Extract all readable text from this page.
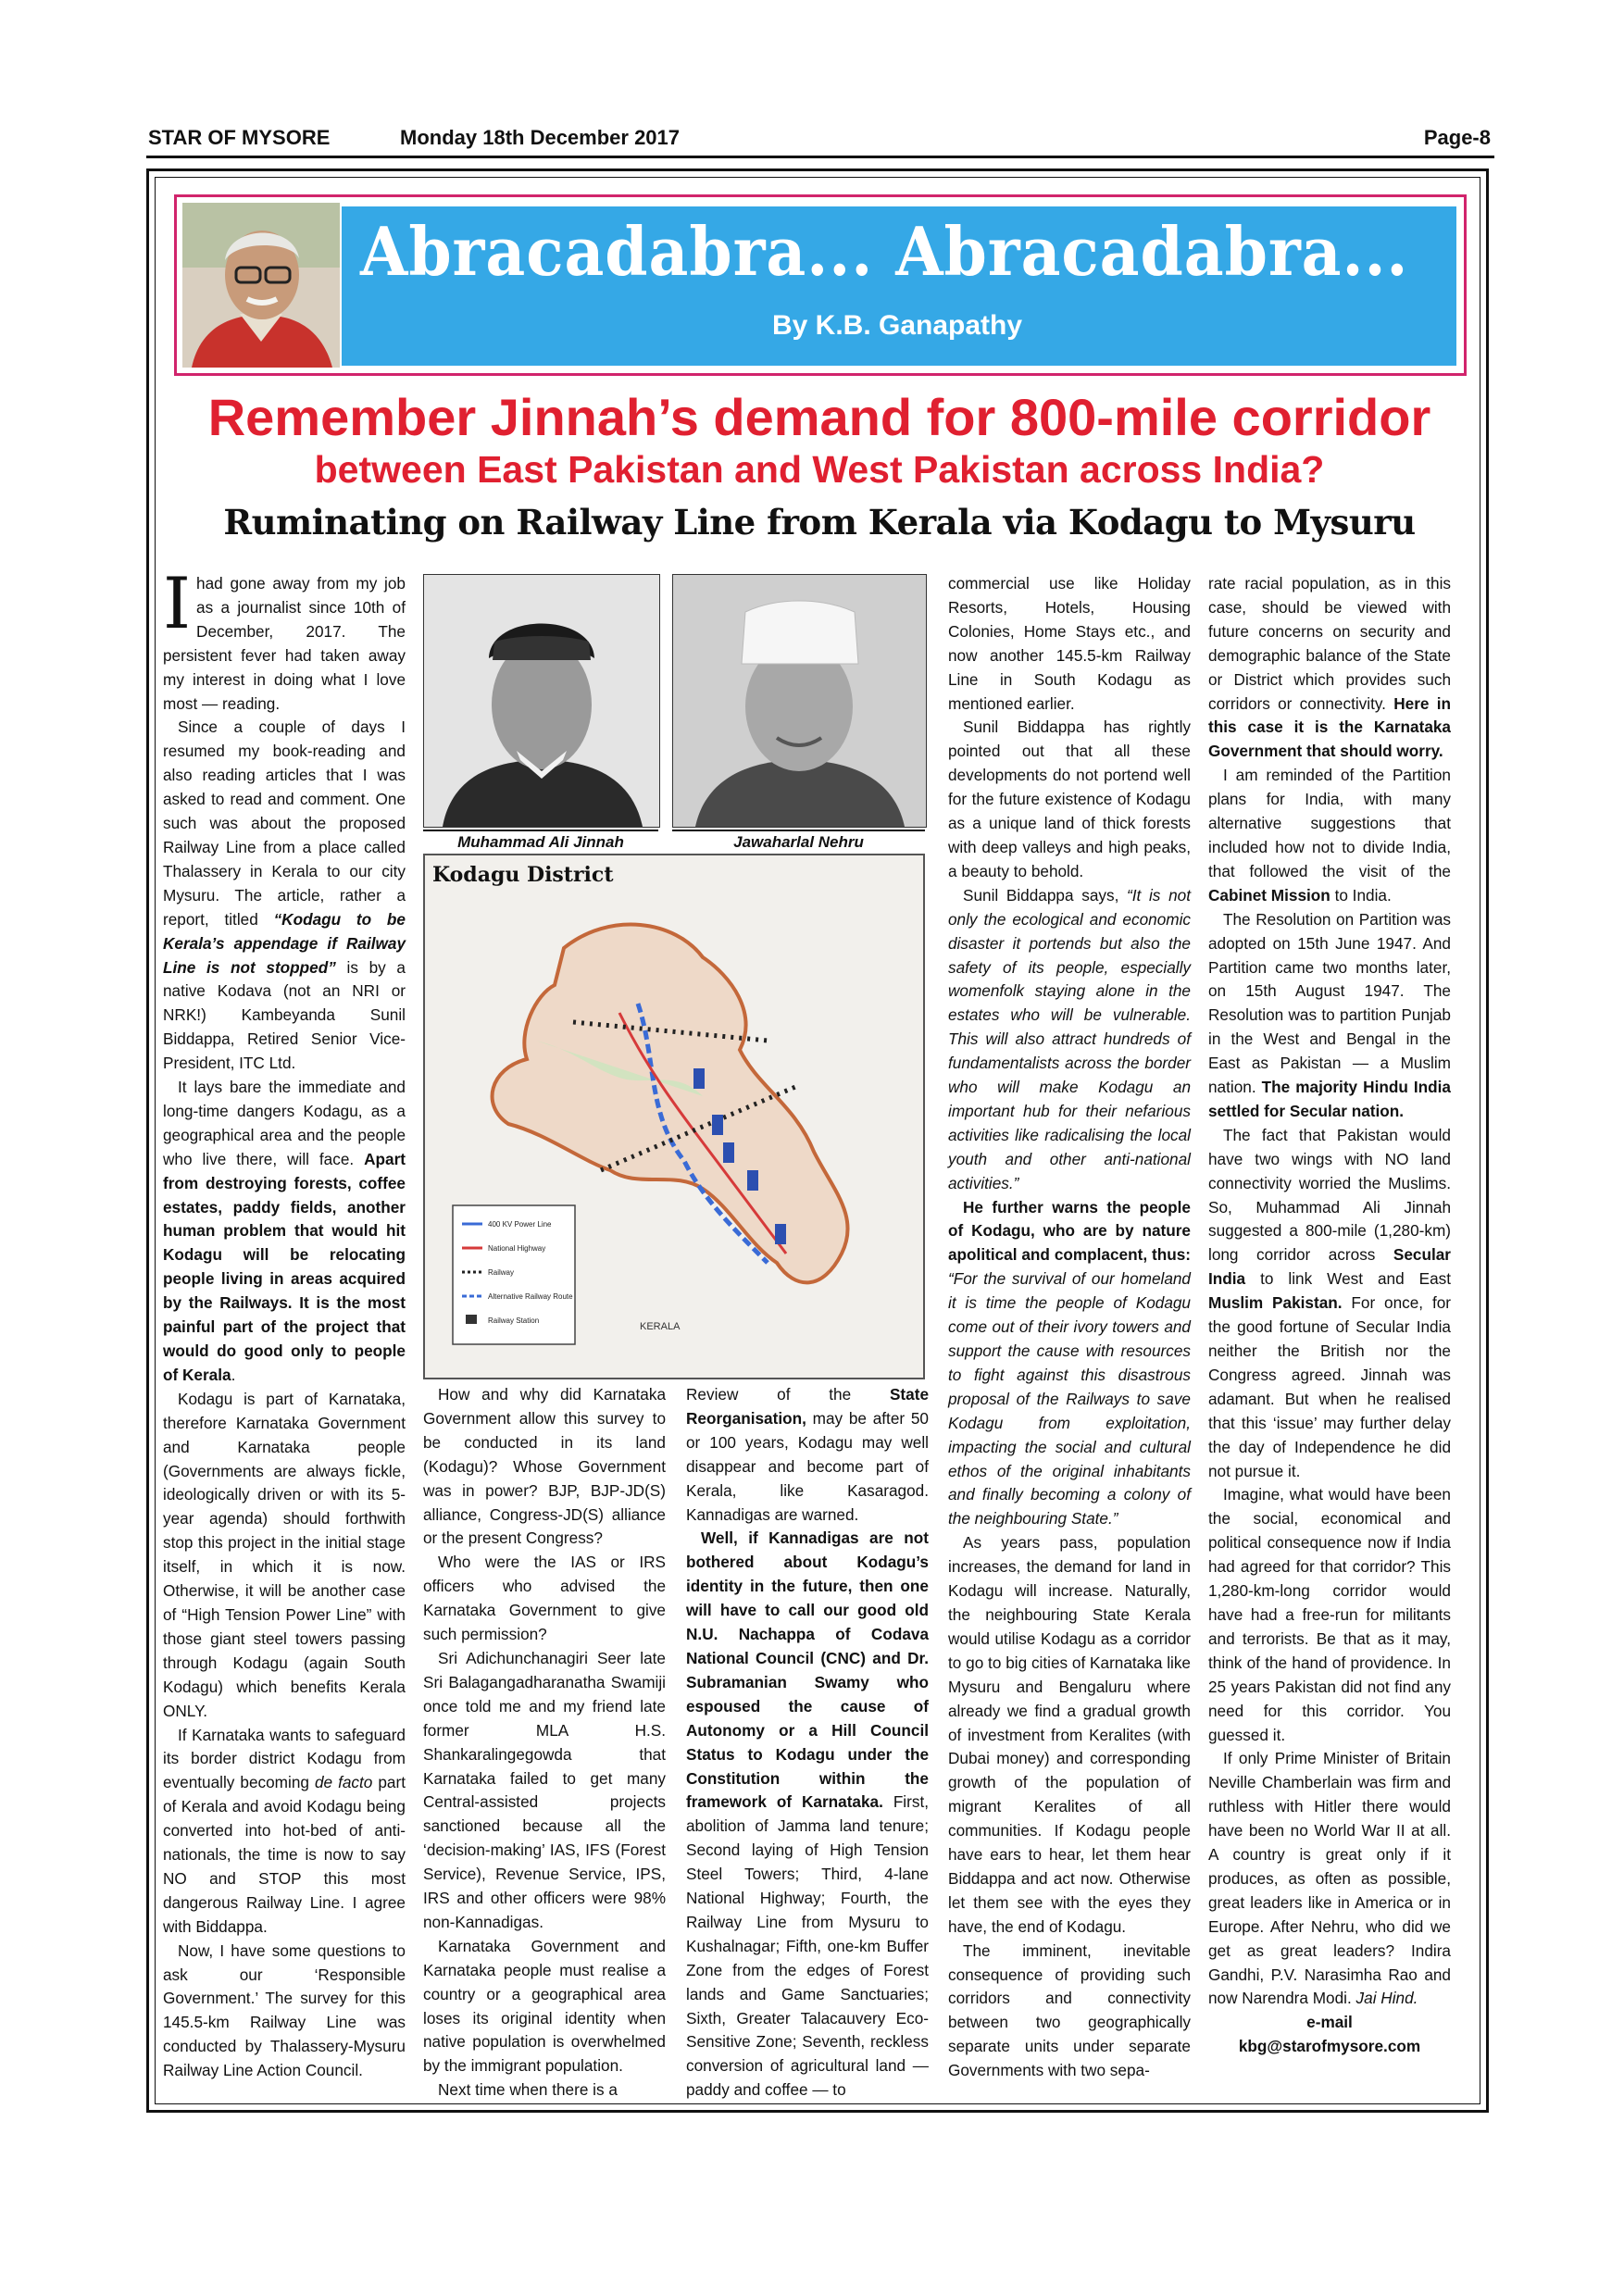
STAR OF MYSORE	Monday 18th December 2017	Page-8
Abracadabra... Abracadabra...
By K.B. Ganapathy
Remember Jinnah’s demand for 800-mile corridor
between East Pakistan and West Pakistan across India?
Ruminating on Railway Line from Kerala via Kodagu to Mysuru

Ihad gone away from my job as a journalist since 10th of December, 2017. The persistent fever had taken away my interest in doing what I love most — reading.

Since a couple of days I resumed my book-reading and also reading articles that I was asked to read and comment. One such was about the proposed Railway Line from a place called Thalassery in Kerala to our city Mysuru. The article, rather a report, titled “Kodagu to be Kerala’s appendage if Railway Line is not stopped” is by a native Kodava (not an NRI or NRK!) Kambeyanda Sunil Biddappa, Retired Senior Vice-President, ITC Ltd.

It lays bare the immediate and long-time dangers Kodagu, as a geographical area and the people who live there, will face. Apart from destroying forests, coffee estates, paddy fields, another human problem that would hit Kodagu will be relocating people living in areas acquired by the Railways. It is the most painful part of the project that would do good only to people of Kerala.

Kodagu is part of Karnataka, therefore Karnataka Government and Karnataka people (Governments are always fickle, ideologically driven or with its 5-year agenda) should forthwith stop this project in the initial stage itself, in which it is now. Otherwise, it will be another case of “High Tension Power Line” with those giant steel towers passing through Kodagu (again South Kodagu) which benefits Kerala ONLY.

If Karnataka wants to safeguard its border district Kodagu from eventually becoming de facto part of Kerala and avoid Kodagu being converted into hot-bed of anti-nationals, the time is now to say NO and STOP this most dangerous Railway Line. I agree with Biddappa.

Now, I have some questions to ask our ‘Responsible Government.’ The survey for this 145.5-km Railway Line was conducted by Thalassery-Mysuru Railway Line Action Council.

Muhammad Ali Jinnah	Jawaharlal Nehru
Kodagu District
400 KV Power Line
National Highway
Railway
Alternative Railway Route
Railway Station
KERALA

How and why did Karnataka Government allow this survey to be conducted in its land (Kodagu)? Whose Government was in power? BJP, BJP-JD(S) alliance, Congress-JD(S) alliance or the present Congress?

Who were the IAS or IRS officers who advised the Karnataka Government to give such permission?

Sri Adichunchanagiri Seer late Sri Balagangadharanatha Swamiji once told me and my friend late former MLA H.S. Shankaralingegowda that Karnataka failed to get many Central-assisted projects sanctioned because all the ‘decision-making’ IAS, IFS (Forest Service), Revenue Service, IPS, IRS and other officers were 98% non-Kannadigas.

Karnataka Government and Karnataka people must realise a country or a geographical area loses its original identity when native population is overwhelmed by the immigrant population.

Next time when there is a

Review of the State Reorganisation, may be after 50 or 100 years, Kodagu may well disappear and become part of Kerala, like Kasaragod. Kannadigas are warned.

Well, if Kannadigas are not bothered about Kodagu’s identity in the future, then one will have to call our good old N.U. Nachappa of Codava National Council (CNC) and Dr. Subramanian Swamy who espoused the cause of Autonomy or a Hill Council Status to Kodagu under the Constitution within the framework of Karnataka. First, abolition of Jamma land tenure; Second laying of High Tension Steel Towers; Third, 4-lane National Highway; Fourth, the Railway Line from Mysuru to Kushalnagar; Fifth, one-km Buffer Zone from the edges of Forest lands and Game Sanctuaries; Sixth, Greater Talacauvery Eco-Sensitive Zone; Seventh, reckless conversion of agricultural land — paddy and coffee — to

commercial use like Holiday Resorts, Hotels, Housing Colonies, Home Stays etc., and now another 145.5-km Railway Line in South Kodagu as mentioned earlier.

Sunil Biddappa has rightly pointed out that all these developments do not portend well for the future existence of Kodagu as a unique land of thick forests with deep valleys and high peaks, a beauty to behold.

Sunil Biddappa says, “It is not only the ecological and economic disaster it portends but also the safety of its people, especially womenfolk staying alone in the estates who will be vulnerable. This will also attract hundreds of fundamentalists across the border who will make Kodagu an important hub for their nefarious activities like radicalising the local youth and other anti-national activities.”

He further warns the people of Kodagu, who are by nature apolitical and complacent, thus: “For the survival of our homeland it is time the people of Kodagu come out of their ivory towers and support the cause with resources to fight against this disastrous proposal of the Railways to save Kodagu from exploitation, impacting the social and cultural ethos of the original inhabitants and finally becoming a colony of the neighbouring State.”

As years pass, population increases, the demand for land in Kodagu will increase. Naturally, the neighbouring State Kerala would utilise Kodagu as a corridor to go to big cities of Karnataka like Mysuru and Bengaluru where already we find a gradual growth of investment from Keralites (with Dubai money) and corresponding growth of the population of migrant Keralites of all communities. If Kodagu people have ears to hear, let them hear Biddappa and act now. Otherwise let them see with the eyes they have, the end of Kodagu.

The imminent, inevitable consequence of providing such corridors and connectivity between two geographically separate units under separate Governments with two sepa-

rate racial population, as in this case, should be viewed with future concerns on security and demographic balance of the State or District which provides such corridors or connectivity. Here in this case it is the Karnataka Government that should worry.

I am reminded of the Partition plans for India, with many alternative suggestions that included how not to divide India, that followed the visit of the Cabinet Mission to India.

The Resolution on Partition was adopted on 15th June 1947. And Partition came two months later, on 15th August 1947. The Resolution was to partition Punjab in the West and Bengal in the East as Pakistan — a Muslim nation. The majority Hindu India settled for Secular nation.

The fact that Pakistan would have two wings with NO land connectivity worried the Muslims. So, Muhammad Ali Jinnah suggested a 800-mile (1,280-km) long corridor across Secular India to link West and East Muslim Pakistan. For once, for the good fortune of Secular India neither the British nor the Congress agreed. Jinnah was adamant. But when he realised that this ‘issue’ may further delay the day of Independence he did not pursue it.

Imagine, what would have been the social, economical and political consequence now if India had agreed for that corridor? This 1,280-km-long corridor would have had a free-run for militants and terrorists. Be that as it may, think of the hand of providence. In 25 years Pakistan did not find any need for this corridor. You guessed it.

If only Prime Minister of Britain Neville Chamberlain was firm and ruthless with Hitler there would have been no World War II at all. A country is great only if it produces, as often as possible, great leaders like in America or in Europe. After Nehru, who did we get as great leaders? Indira Gandhi, P.V. Narasimha Rao and now Narendra Modi. Jai Hind.

e-mail

kbg@starofmysore.com
